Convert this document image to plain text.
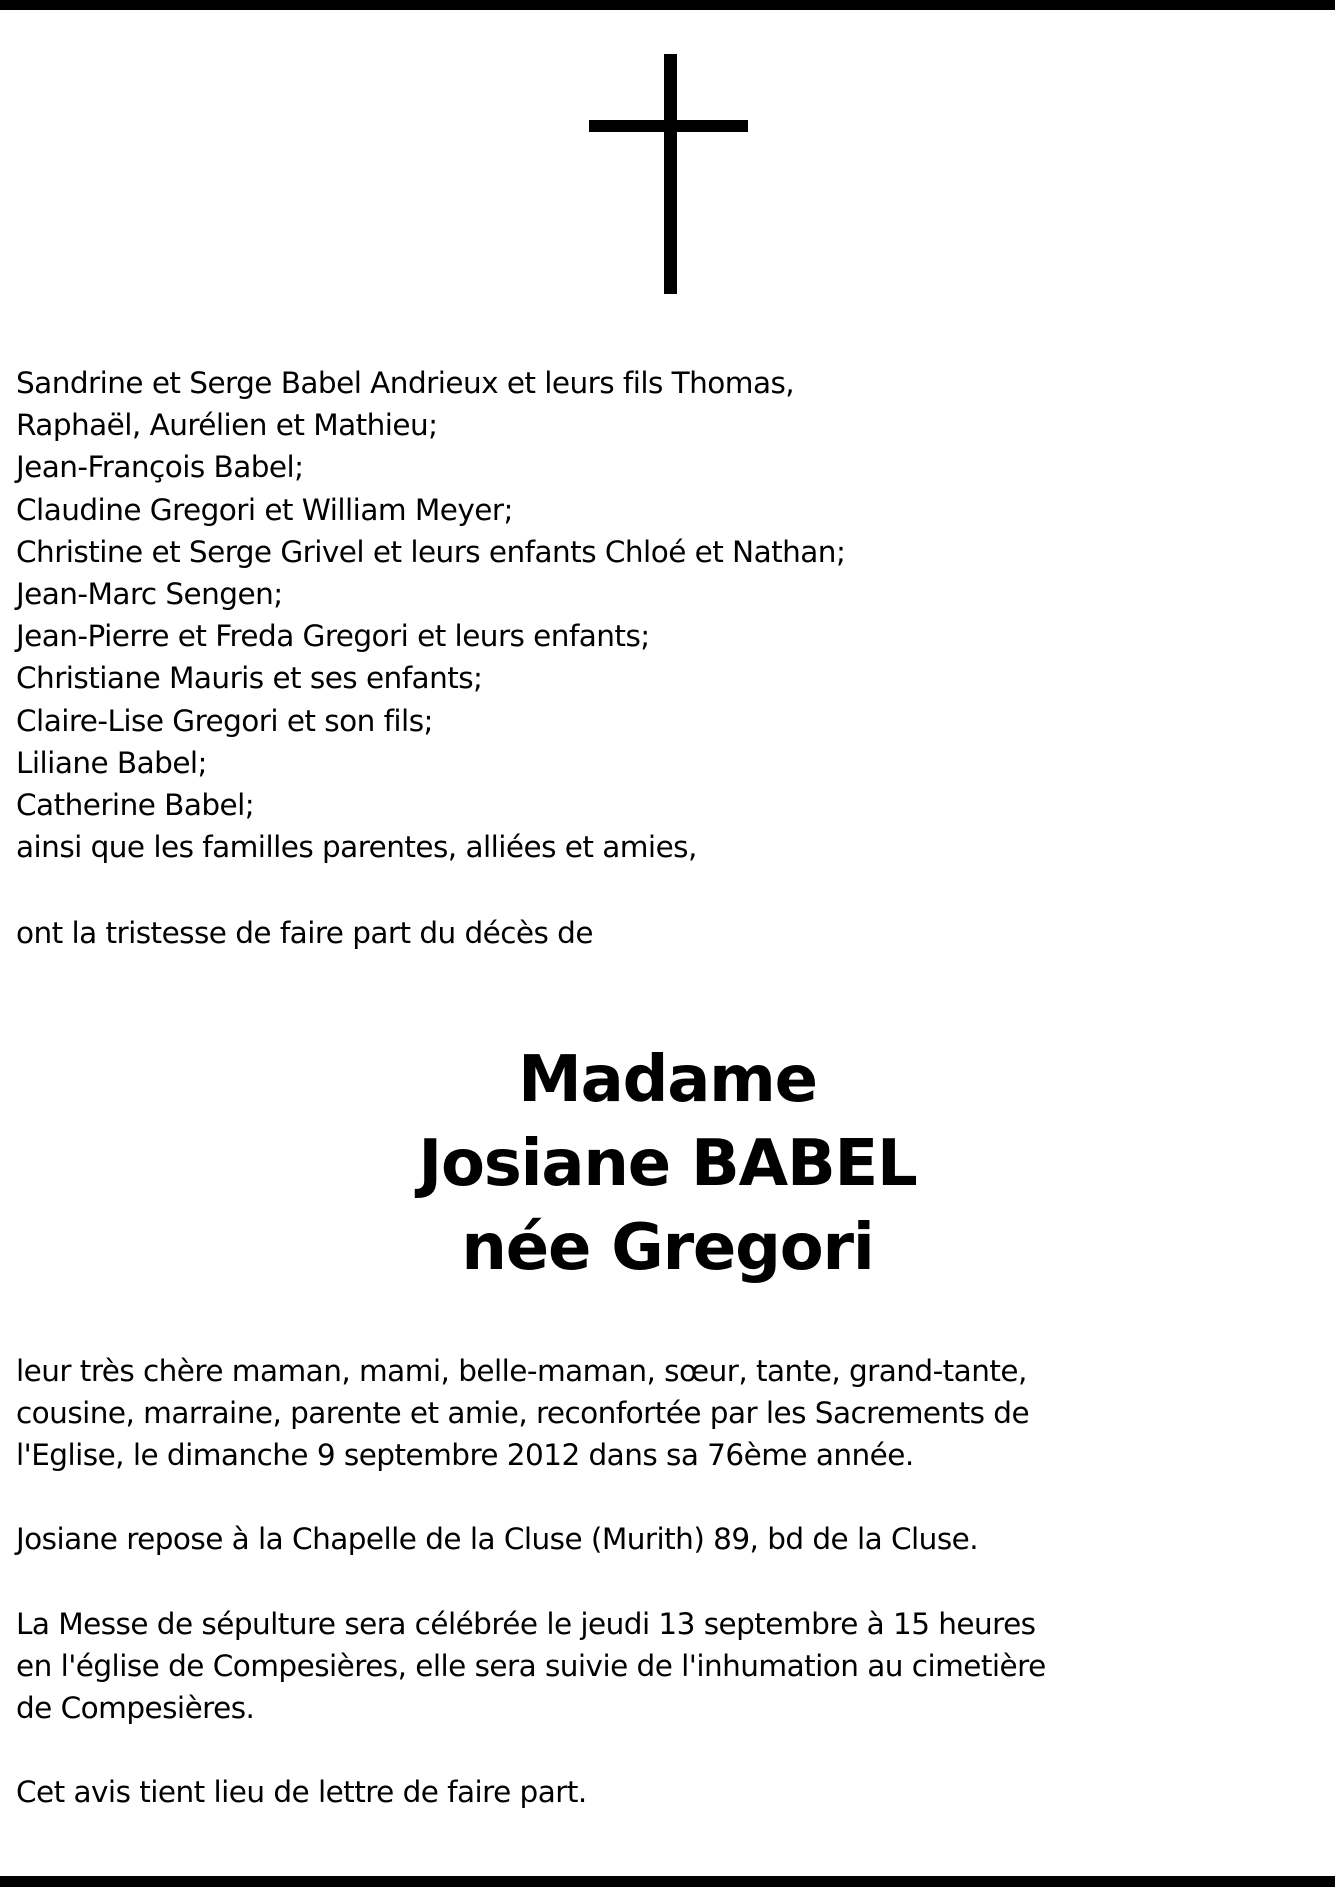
Sandrine et Serge Babel Andrieux et leurs fils Thomas,
Raphaël, Aurélien et Mathieu;
Jean-François Babel;
Claudine Gregori et William Meyer;
Christine et Serge Grivel et leurs enfants Chloé et Nathan;
Jean-Marc Sengen;
Jean-Pierre et Freda Gregori et leurs enfants;
Christiane Mauris et ses enfants;
Claire-Lise Gregori et son fils;
Liliane Babel;
Catherine Babel;
ainsi que les familles parentes, alliées et amies,
ont la tristesse de faire part du décès de
Madame
Josiane BABEL
née Gregori
leur très chère maman, mami, belle-maman, sœur, tante, grand-tante,
cousine, marraine, parente et amie, reconfortée par les Sacrements de
l'Eglise, le dimanche 9 septembre 2012 dans sa 76ème année.
Josiane repose à la Chapelle de la Cluse (Murith) 89, bd de la Cluse.
La Messe de sépulture sera célébrée le jeudi 13 septembre à 15 heures
en l'église de Compesières, elle sera suivie de l'inhumation au cimetière
de Compesières.
Cet avis tient lieu de lettre de faire part.
